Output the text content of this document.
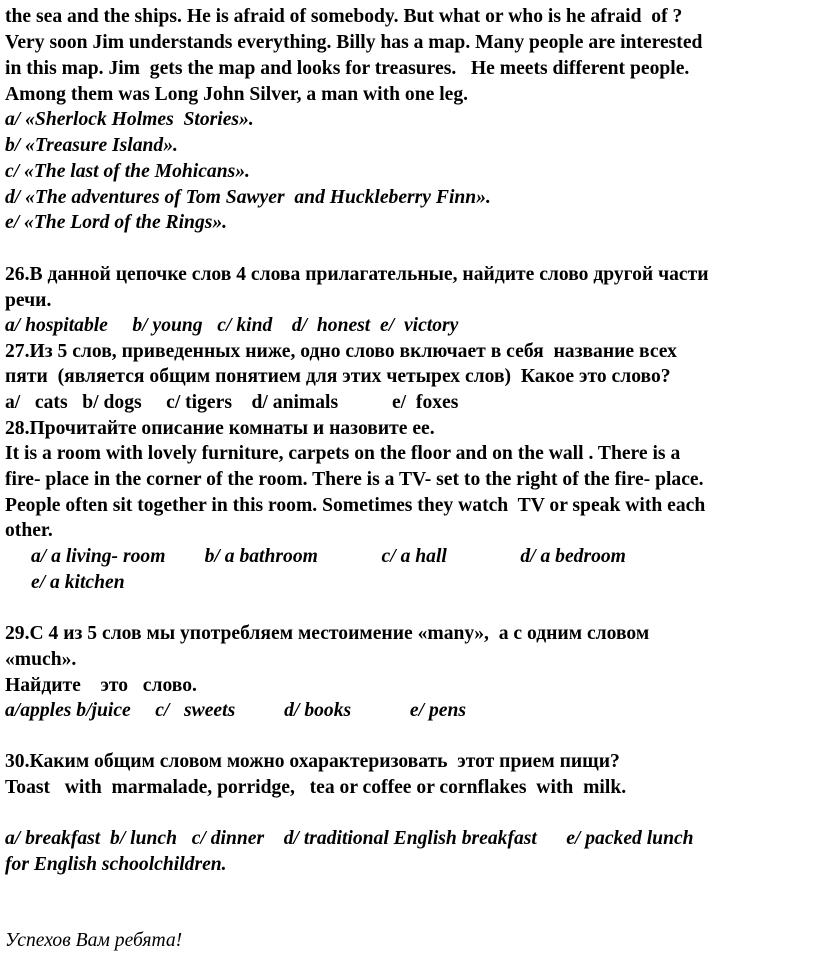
the sea and the ships. He is afraid of somebody. But what or who is he afraid  of ?
Very soon Jim understands everything. Billy has a map. Many people are interested
in this map. Jim  gets the map and looks for treasures.   He meets different people.
Among them was Long John Silver, a man with one leg.
a/ «Sherlock Holmes  Stories».
b/ «Treasure Island».
c/ «The last of the Mohicans».
d/ «The adventures of Tom Sawyer  and Huckleberry Finn».
e/ «The Lord of the Rings».
26.В данной цепочке слов 4 слова прилагательные, найдите слово другой части
речи.
a/ hospitable     b/ young   c/ kind    d/  honest  e/  victory
27.Из 5 слов, приведенных ниже, одно слово включает в себя  название всех
пяти  (является общим понятием для этих четырех слов)  Какое это слово?
a/   cats   b/ dogs     c/ tigers    d/ animals           e/  foxes
28.Прочитайте описание комнаты и назовите ее.
It is a room with lovely furniture, carpets on the floor and on the wall . There is a
fire- place in the corner of the room. There is a TV- set to the right of the fire- place.
People often sit together in this room. Sometimes they watch  TV or speak with each
other.
a/ a living- room        b/ a bathroom             c/ a hall               d/ a bedroom
e/ a kitchen
29.С 4 из 5 слов мы употребляем местоимение «many»,  а с одним словом
«much».
Найдите    это   слово.
a/apples b/juice     c/   sweets          d/ books            e/ pens
30.Каким общим словом можно охарактеризовать  этот прием пищи?
Toast   with  marmalade, porridge,   tea or coffee or cornflakes  with  milk.
a/ breakfast  b/ lunch   c/ dinner    d/ traditional English breakfast      e/ packed lunch
for English schoolchildren.
Успехов Вам ребята!
